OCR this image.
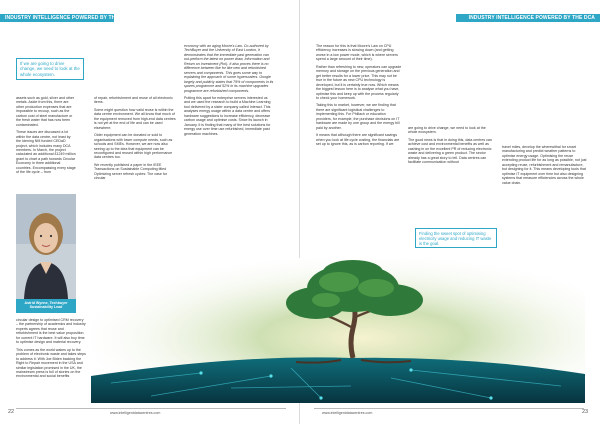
INDUSTRY INTELLIGENCE POWERED BY THE DCA
If we are going to drive change, we need to look at the whole ecosystem.

assets such as gold, silver and other metals. Aside from this, there are other production expenses that are impossible to recoup, such as the carbon cost of steel manufacture or the fresh water that has now been contaminated.

These issues are discussed a lot within the data centre, not least by the Idening NM funded CEDaD project, which includes many DCA members. In March, the project calculated an additional £1249 million grant to chart a path towards Circular Economy in three additional countries. Encompassing every stage of the life cycle – from

of repair, refurbishment and reuse of all electronic items.

Some might question how valid reuse is within the data centre environment. We all know that much of the equipment removed from high-end data centres is not yet at the end of life and can be used elsewhere.

Older equipment can be donated or sold to organisations with lower compute needs, such as schools and SMEs. However, we are now also seeing up to the idea that equipment can be reconfigured and reused within high performance data centres too.

We recently published a paper in the IEEE Transactions on Sustainable Computing titled Optimizing server refresh cycles: The case for circular

economy with an aging Moore's Law. Co-authored by TechBuyer and the University of East London, it demonstrates that the immediate past generation can out-perform the latest on power draw, Information and Return on Investment (RoI). It also proves there is no difference between like for like new and refurbished servers and components. This goes some way to explaining the approach of some hyperscalers. Google largely and publicly states that 79% of components in its spares programme and 52% in its machine upgrades programme are refurbished components.

Putting this apart for enterprise servers interested us and we used the research to build a Machine Learning tool delivered by a sister company called Interact. This analyses energy usage within a data centre and offers hardware suggestions to increase efficiency, decrease carbon usage and optimise costs. Since its launch in January, it is finding that many of the best solutions for energy use over time use refurbished, immediate past generation machines.

Astrid Wynne, Techbuyer
Sustainability Lead

circular design to optimised CRM recovery – the partnership of academics and industry experts agrees that reuse and refurbishment is the best value proposition for current IT hardware. It will also buy time to optimise design and material recovery.

This comes as the world wakes up to the problem of electronic waste and takes steps to address it. With Joe Biden backing the Right to Repair movement in the USA and similar legislation promised in the UK, the mainstream press is full of stories on the environmental and social benefits

22	www.intelligentdatacentres.com

The reason for this is that Moore's Law on CPU efficiency increases is slowing down (and getting worse in a low power mode, which is where servers spend a large amount of their time).

Rather than refreshing to new, operators can upgrade memory and storage on the previous generation and get better results for a lower price. This may not be true in the future as new CPU technology is developed, but it is certainly true now. Which means the biggest lesson here is to analyse what you have, optimise this and keep up with the process regularly to check your homework.

Taking this to market, however, we are finding that there are significant logistical challenges to implementing this. For Phillach or education providers, for example, the purchase decisions on IT hardware are made by one group and the energy bill paid by another.

It means that although there are significant savings when you look at life cycle costing, the financials are set up to ignore this, as is carbon reporting. If we

are going to drive change, we need to look at the whole ecosystem.

The good news is that in doing this, data centres can achieve cost and environmental benefits as well as cashing in on the excellent PR of reducing electronic waste and delivering a green product. The sector already has a great story to tell. Data centres can facilitate communication without

travel miles, develop the wherewithal for smart manufacturing and predict weather patterns to optimise energy usage. Optimising the reuse extending product life for as long as possible, not just accepting reuse, refurbishment and remanufacture, but designing for it. This means developing tools that optimise IT equipment over time but also designing systems that measure efficiencies across the whole value chain.

www.intelligentdatacentres.com	23
INDUSTRY INTELLIGENCE POWERED BY THE DCA
Finding the sweet spot of optimising electricity usage and reducing IT waste is the goal.
